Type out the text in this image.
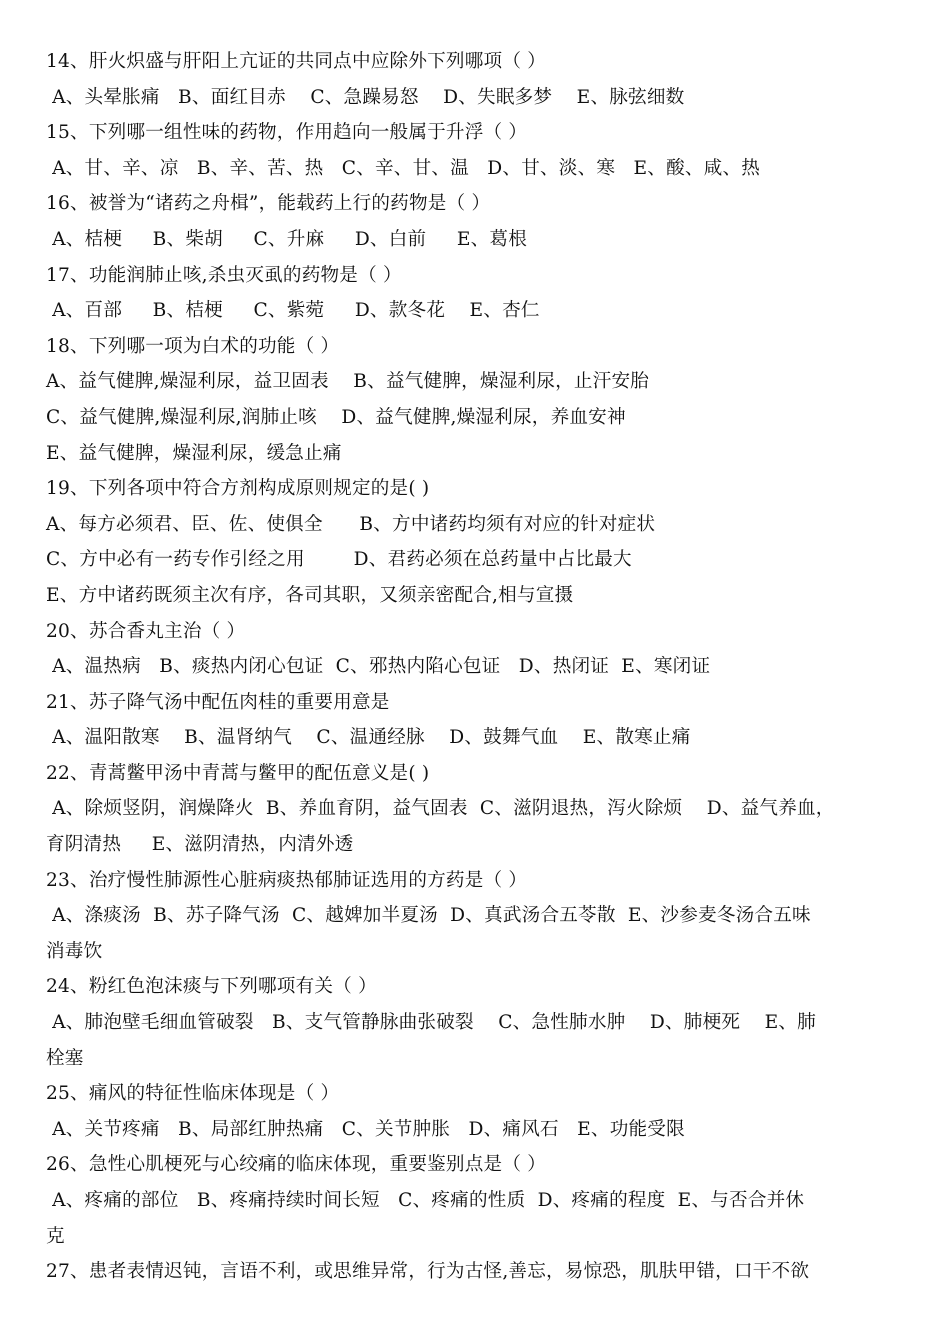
14、肝火炽盛与肝阳上亢证的共同点中应除外下列哪项（ ）
A、头晕胀痛   B、面红目赤    C、急躁易怒    D、失眠多梦    E、脉弦细数
15、下列哪一组性味的药物，作用趋向一般属于升浮（ ）
A、甘、辛、凉   B、辛、苦、热   C、辛、甘、温   D、甘、淡、寒   E、酸、咸、热
16、被誉为“诸药之舟楫”，能载药上行的药物是（ ）
A、桔梗     B、柴胡     C、升麻     D、白前     E、葛根
17、功能润肺止咳,杀虫灭虱的药物是（ ）
A、百部     B、桔梗     C、紫菀     D、款冬花    E、杏仁
18、下列哪一项为白术的功能（ ）
A、益气健脾,燥湿利尿，益卫固表    B、益气健脾，燥湿利尿，止汗安胎
C、益气健脾,燥湿利尿,润肺止咳    D、益气健脾,燥湿利尿，养血安神
E、益气健脾，燥湿利尿，缓急止痛
19、下列各项中符合方剂构成原则规定的是( )
A、每方必须君、臣、佐、使俱全      B、方中诸药均须有对应的针对症状
C、方中必有一药专作引经之用        D、君药必须在总药量中占比最大
E、方中诸药既须主次有序，各司其职，又须亲密配合,相与宣摄
20、苏合香丸主治（ ）
A、温热病   B、痰热内闭心包证  C、邪热内陷心包证   D、热闭证  E、寒闭证
21、苏子降气汤中配伍肉桂的重要用意是
A、温阳散寒    B、温肾纳气    C、温通经脉    D、鼓舞气血    E、散寒止痛
22、青蒿鳖甲汤中青蒿与鳖甲的配伍意义是( )
A、除烦竖阴，润燥降火  B、养血育阴，益气固表  C、滋阴退热，泻火除烦    D、益气养血，
育阴清热     E、滋阴清热，内清外透
23、治疗慢性肺源性心脏病痰热郁肺证选用的方药是（ ）
A、涤痰汤  B、苏子降气汤  C、越婢加半夏汤  D、真武汤合五苓散  E、沙参麦冬汤合五味
消毒饮
24、粉红色泡沫痰与下列哪项有关（ ）
A、肺泡壁毛细血管破裂   B、支气管静脉曲张破裂    C、急性肺水肿    D、肺梗死    E、肺
栓塞
25、痛风的特征性临床体现是（ ）
A、关节疼痛   B、局部红肿热痛   C、关节肿胀   D、痛风石   E、功能受限
26、急性心肌梗死与心绞痛的临床体现，重要鉴别点是（ ）
A、疼痛的部位   B、疼痛持续时间长短   C、疼痛的性质  D、疼痛的程度  E、与否合并休
克
27、患者表情迟钝，言语不利，或思维异常，行为古怪,善忘，易惊恐，肌肤甲错，口干不欲
